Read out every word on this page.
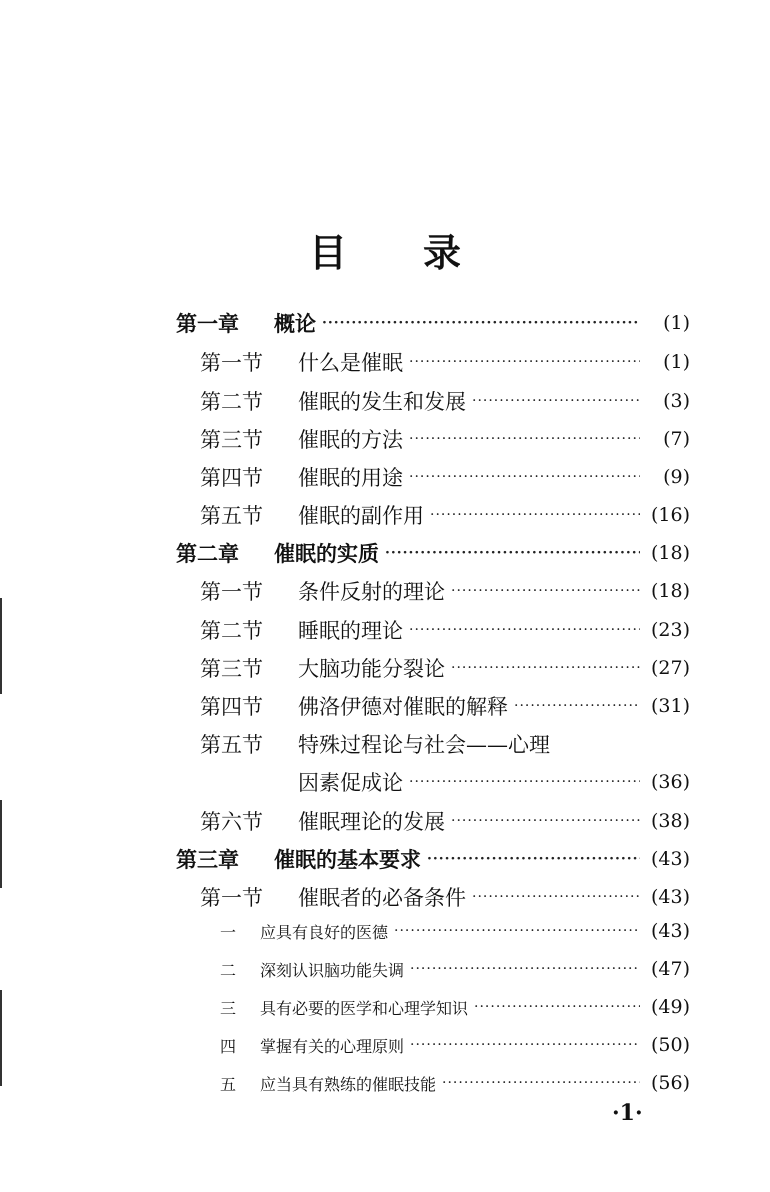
目 录
第一章	概论 ·····	(1)
第一节	什么是催眠 ·····	(1)
第二节	催眠的发生和发展 ·····	(3)
第三节	催眠的方法 ·····	(7)
第四节	催眠的用途 ·····	(9)
第五节	催眠的副作用 ·····	(16)
第二章	催眠的实质 ·····	(18)
第一节	条件反射的理论 ·····	(18)
第二节	睡眠的理论 ·····	(23)
第三节	大脑功能分裂论 ·····	(27)
第四节	佛洛伊德对催眠的解释 ·····	(31)
第五节	特殊过程论与社会——心理
因素促成论 ·····	(36)
第六节	催眠理论的发展 ·····	(38)
第三章	催眠的基本要求 ·····	(43)
第一节	催眠者的必备条件 ·····	(43)
一	应具有良好的医德 ·····	(43)
二	深刻认识脑功能失调 ·····	(47)
三	具有必要的医学和心理学知识 ·····	(49)
四	掌握有关的心理原则 ·····	(50)
五	应当具有熟练的催眠技能 ·····	(56)
·1·
